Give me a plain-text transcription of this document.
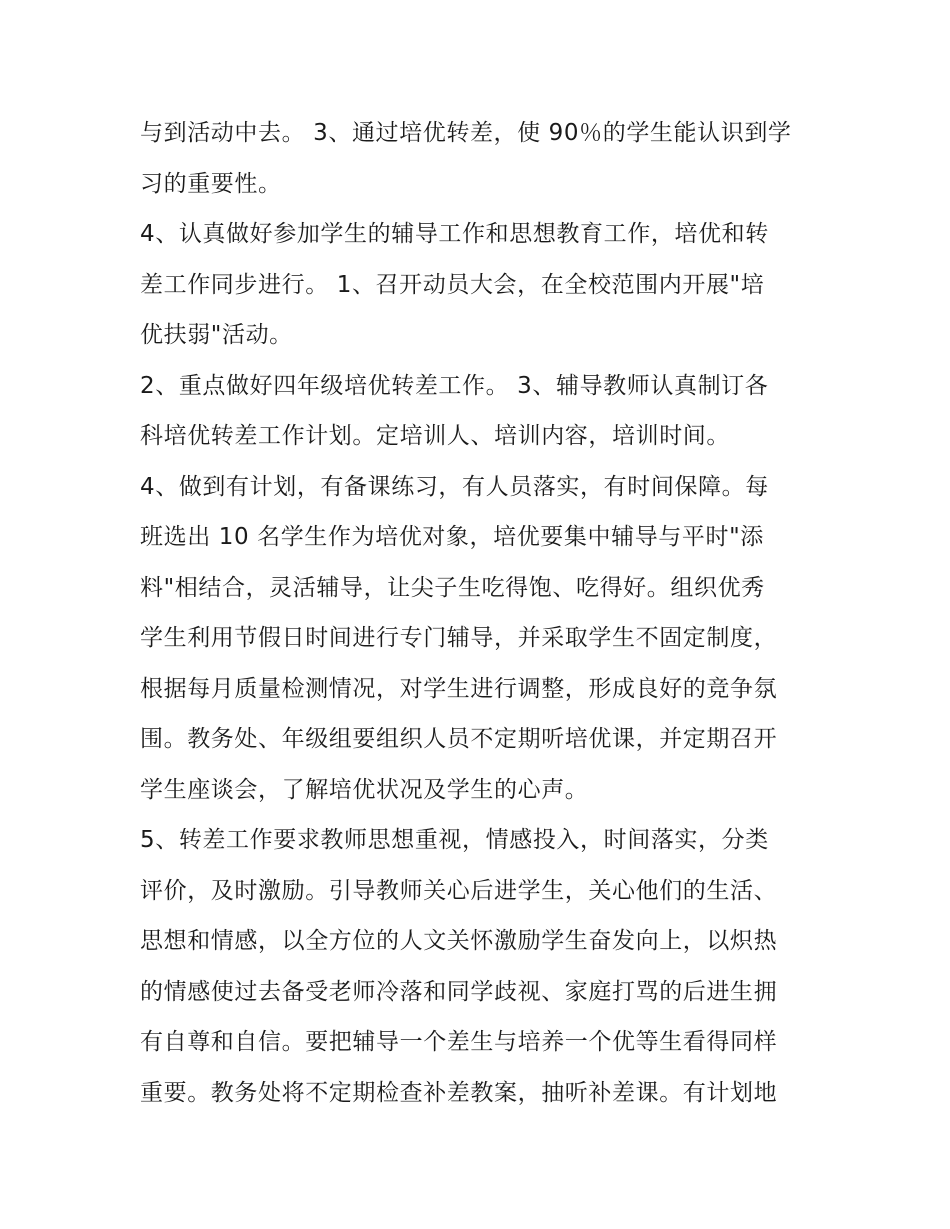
与到活动中去。 3、通过培优转差，使 90％的学生能认识到学
习的重要性。
4、认真做好参加学生的辅导工作和思想教育工作，培优和转
差工作同步进行。 1、召开动员大会，在全校范围内开展"培
优扶弱"活动。
2、重点做好四年级培优转差工作。 3、辅导教师认真制订各
科培优转差工作计划。定培训人、培训内容，培训时间。
4、做到有计划，有备课练习，有人员落实，有时间保障。每
班选出 10 名学生作为培优对象，培优要集中辅导与平时"添
料"相结合，灵活辅导，让尖子生吃得饱、吃得好。组织优秀
学生利用节假日时间进行专门辅导，并采取学生不固定制度，
根据每月质量检测情况，对学生进行调整，形成良好的竞争氛
围。教务处、年级组要组织人员不定期听培优课，并定期召开
学生座谈会，了解培优状况及学生的心声。
5、转差工作要求教师思想重视，情感投入，时间落实，分类
评价，及时激励。引导教师关心后进学生，关心他们的生活、
思想和情感，以全方位的人文关怀激励学生奋发向上，以炽热
的情感使过去备受老师冷落和同学歧视、家庭打骂的后进生拥
有自尊和自信。要把辅导一个差生与培养一个优等生看得同样
重要。教务处将不定期检查补差教案，抽听补差课。有计划地
